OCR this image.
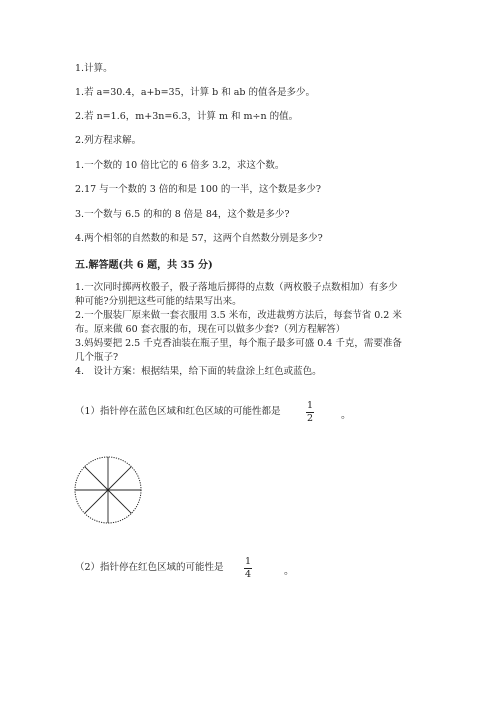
1.计算。
1.若 a=30.4，a+b=35，计算 b 和 ab 的值各是多少。
2.若 n=1.6，m+3n=6.3，计算 m 和 m÷n 的值。
2.列方程求解。
1.一个数的 10 倍比它的 6 倍多 3.2，求这个数。
2.17 与一个数的 3 倍的和是 100 的一半，这个数是多少?
3.一个数与 6.5 的和的 8 倍是 84，这个数是多少?
4.两个相邻的自然数的和是 57，这两个自然数分别是多少?
五.解答题(共 6 题，共 35 分)
1.一次同时掷两枚骰子，骰子落地后掷得的点数（两枚骰子点数相加）有多少
种可能?分别把这些可能的结果写出来。
2.一个服装厂原来做一套衣服用 3.5 米布，改进裁剪方法后，每套节省 0.2 米
布。原来做 60 套衣服的布，现在可以做多少套?（列方程解答）
3.妈妈要把 2.5 千克香油装在瓶子里，每个瓶子最多可盛 0.4 千克，需要准备
几个瓶子?
4.　设计方案：根据结果，给下面的转盘涂上红色或蓝色。
（1）指针停在蓝色区域和红色区域的可能性都是
1
2	。
（2）指针停在红色区域的可能性是
1
4	。
